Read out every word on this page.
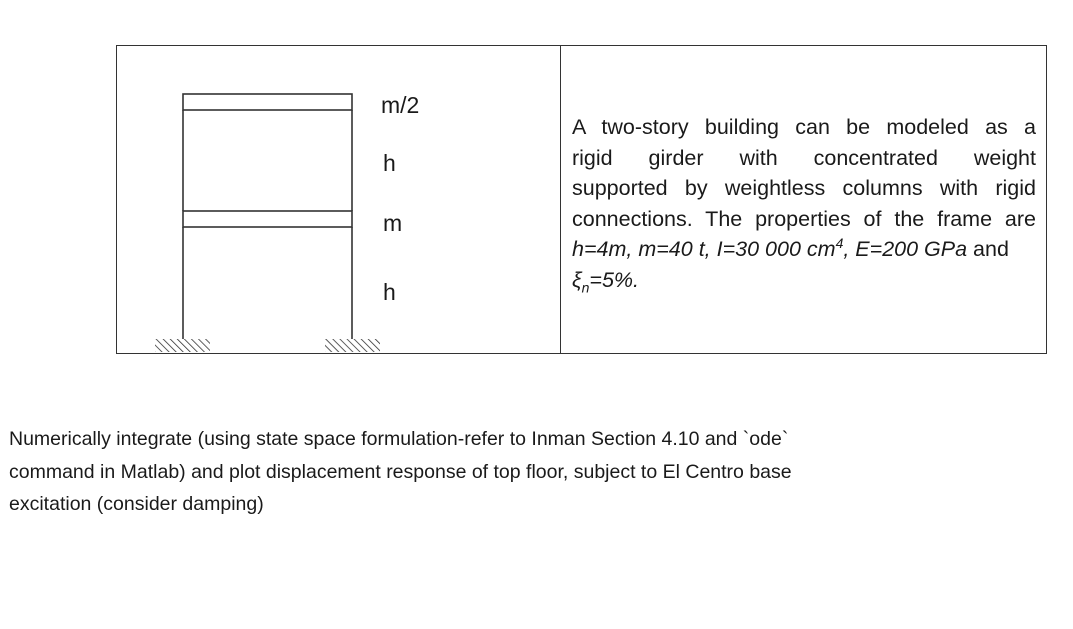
m/2
h
m
h
A two-story building can be modeled as a
rigid girder with concentrated weight
supported by weightless columns with rigid
connections. The properties of the frame are
h=4m, m=40 t, I=30 000 $cm^4$, E=200 GPa and
$\xi_n=5\%$.
Numerically integrate (using state space formulation-refer to Inman Section 4.10 and `ode`
command in Matlab) and plot displacement response of top floor, subject to El Centro base
excitation (consider damping)
